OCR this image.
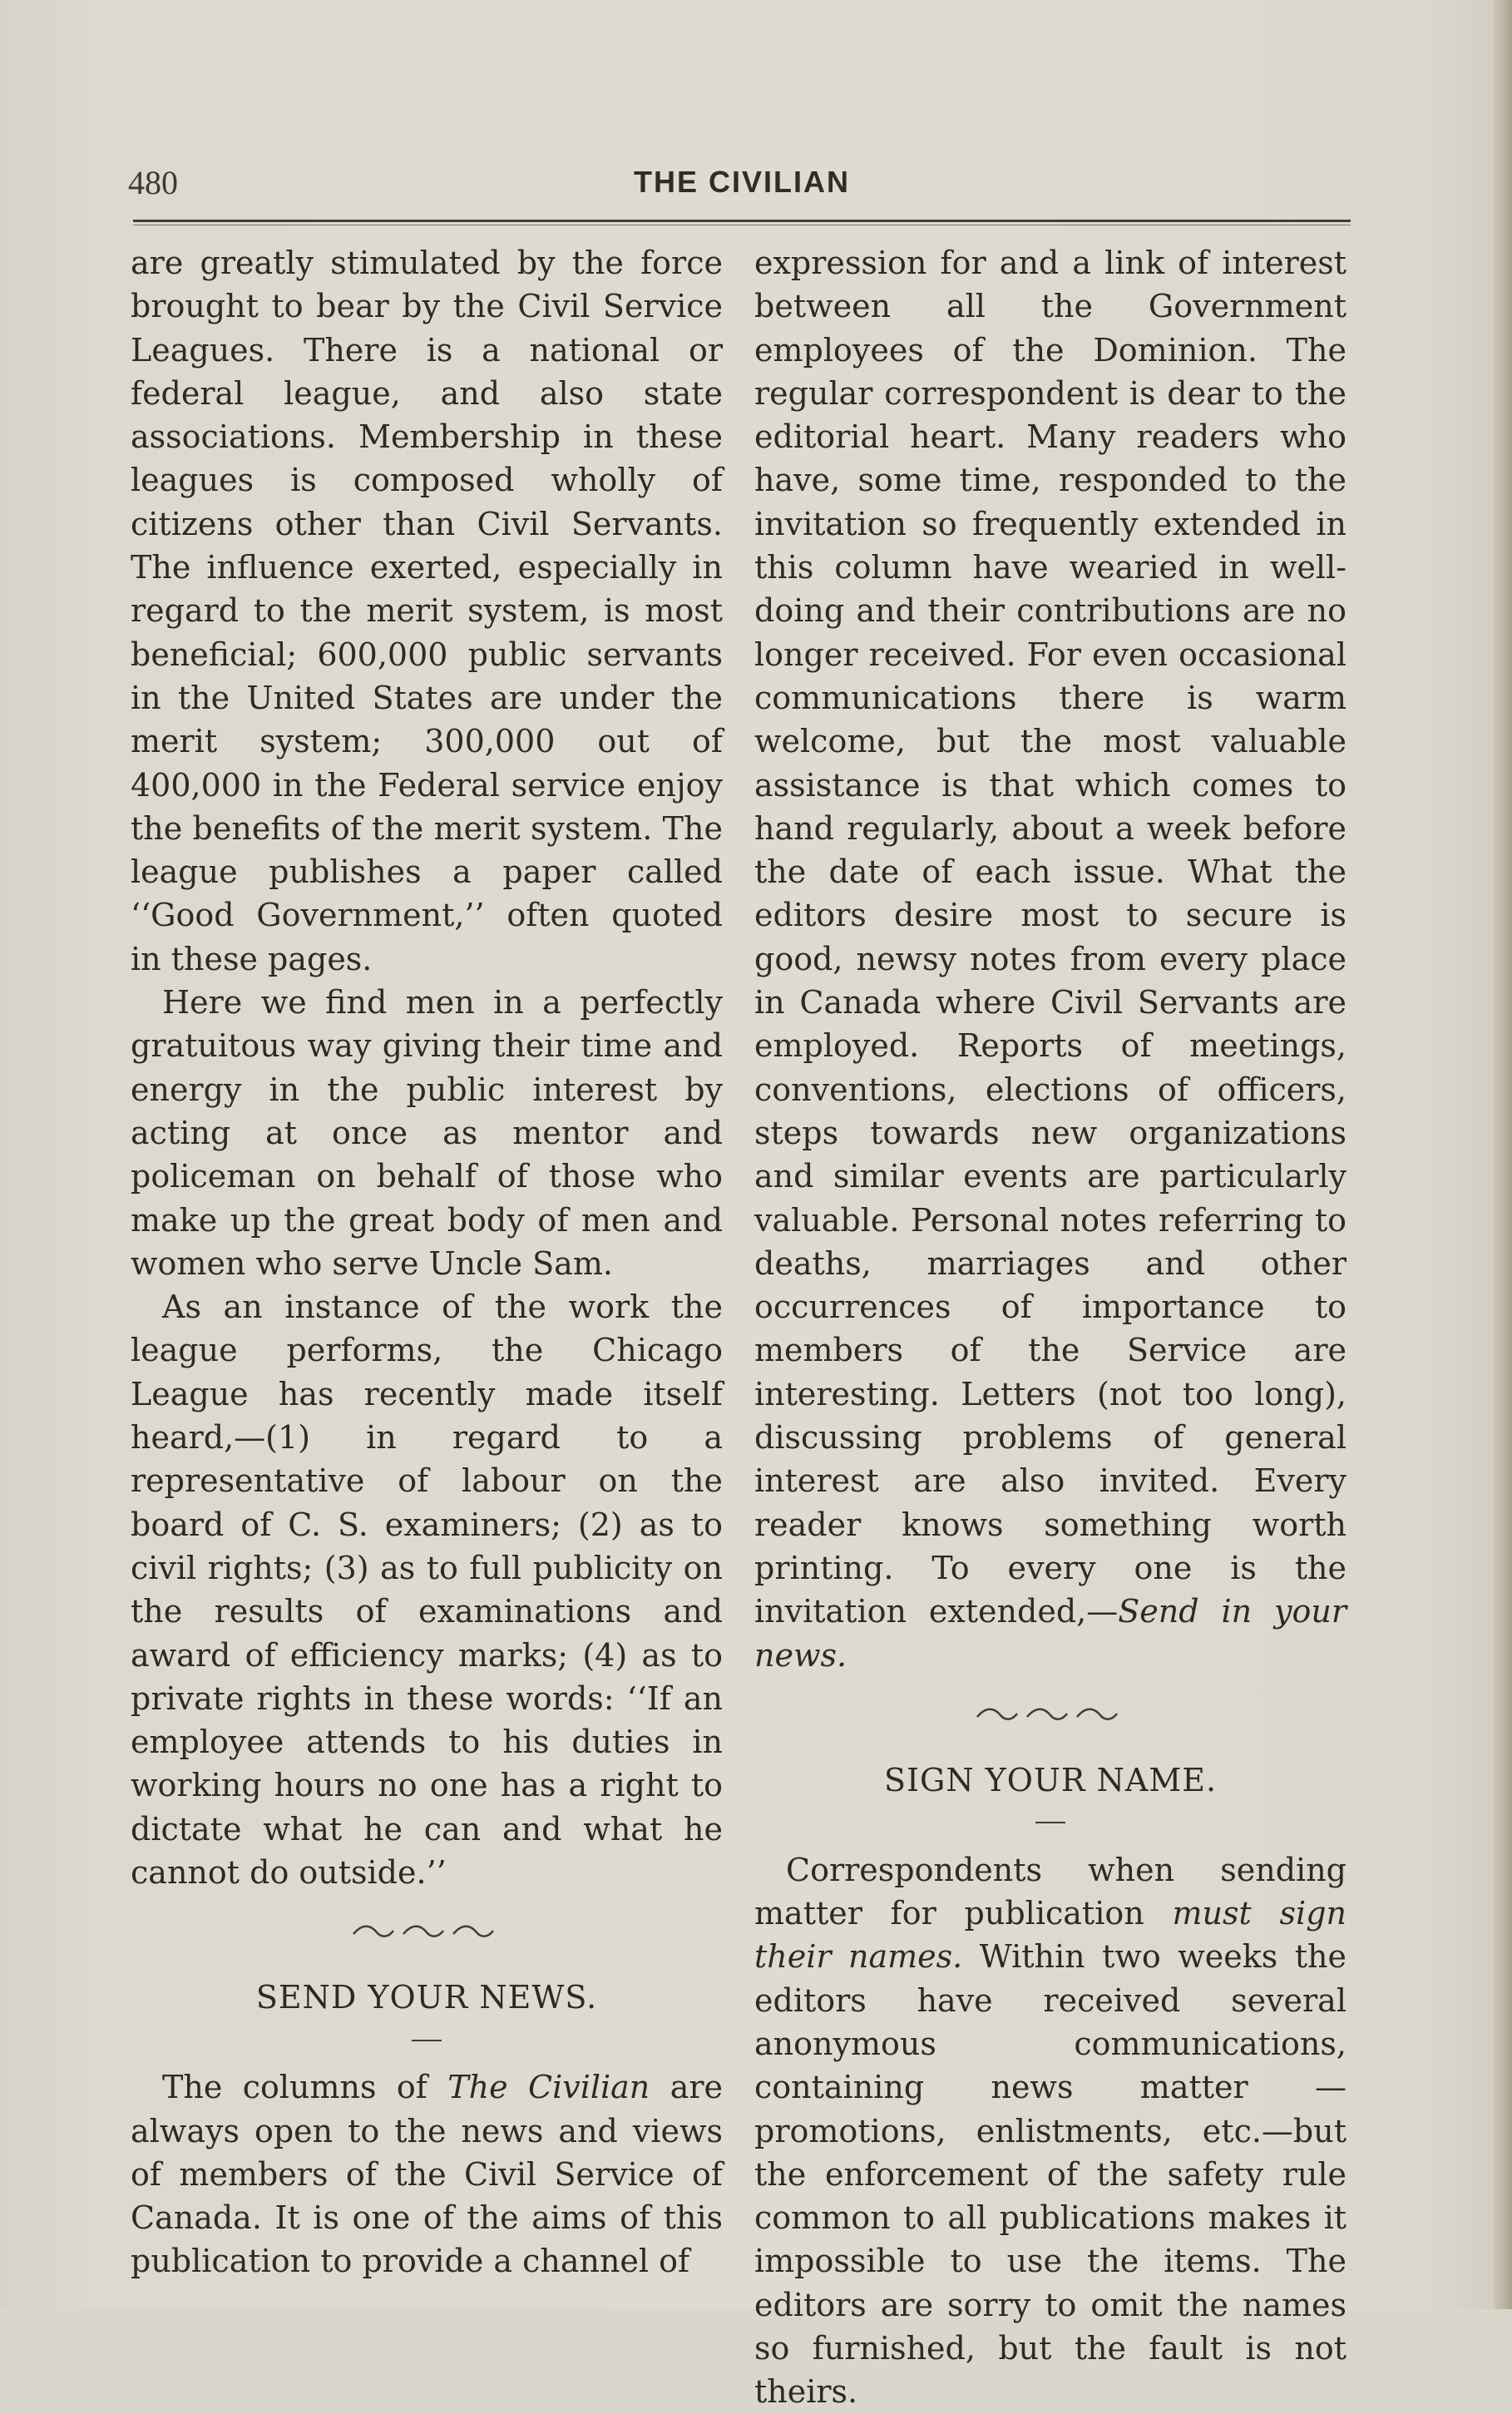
480	THE CIVILIAN

are greatly stimulated by the force brought to bear by the Civil Service Leagues. There is a national or federal league, and also state associations. Membership in these leagues is composed wholly of citizens other than Civil Servants. The influence exerted, especially in regard to the merit system, is most beneficial; 600,000 public servants in the United States are under the merit system; 300,000 out of 400,000 in the Federal service enjoy the benefits of the merit system. The league publishes a paper called ‘‘Good Government,’’ often quoted in these pages.

Here we find men in a perfectly gratuitous way giving their time and energy in the public interest by acting at once as mentor and policeman on behalf of those who make up the great body of men and women who serve Uncle Sam.

As an instance of the work the league performs, the Chicago League has recently made itself heard,—(1) in regard to a representative of labour on the board of C. S. examiners; (2) as to civil rights; (3) as to full publicity on the results of examinations and award of efficiency marks; (4) as to private rights in these words: ‘‘If an employee attends to his duties in working hours no one has a right to dictate what he can and what he cannot do outside.’’

SEND YOUR NEWS.

The columns of The Civilian are always open to the news and views of members of the Civil Service of Canada. It is one of the aims of this publication to provide a channel of

expression for and a link of interest between all the Government employees of the Dominion. The regular correspondent is dear to the editorial heart. Many readers who have, some time, responded to the invitation so frequently extended in this column have wearied in well-doing and their contributions are no longer received. For even occasional communications there is warm welcome, but the most valuable assistance is that which comes to hand regularly, about a week before the date of each issue. What the editors desire most to secure is good, newsy notes from every place in Canada where Civil Servants are employed. Reports of meetings, conventions, elections of officers, steps towards new organizations and similar events are particularly valuable. Personal notes referring to deaths, marriages and other occurrences of importance to members of the Service are interesting. Letters (not too long), discussing problems of general interest are also invited. Every reader knows something worth printing. To every one is the invitation extended,—Send in your news.

SIGN YOUR NAME.

Correspondents when sending matter for publication must sign their names. Within two weeks the editors have received several anonymous communications, containing news matter —promotions, enlistments, etc.—but the enforcement of the safety rule common to all publications makes it impossible to use the items. The editors are sorry to omit the names so furnished, but the fault is not theirs.
